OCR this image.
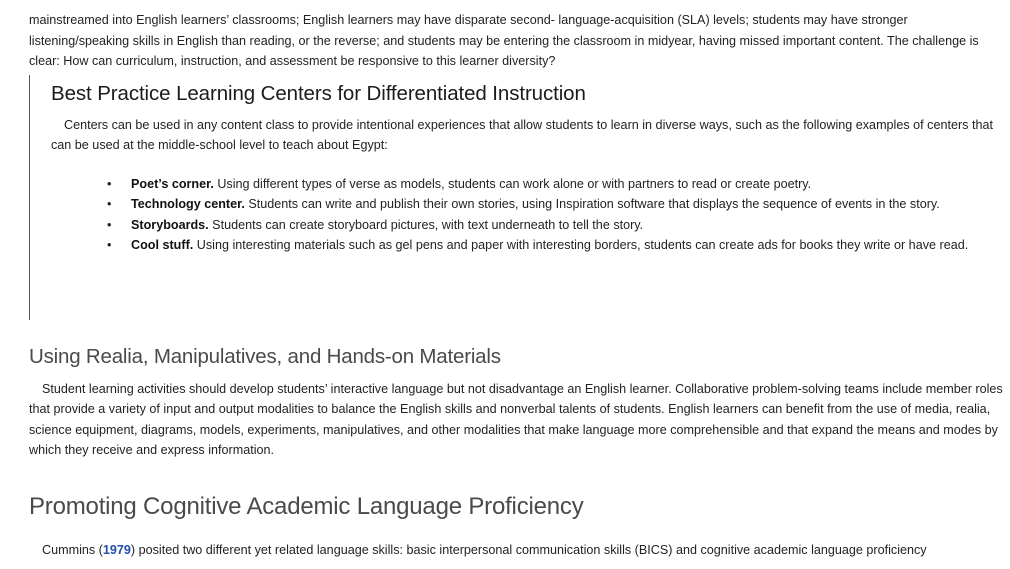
mainstreamed into English learners’ classrooms; English learners may have disparate second- language-acquisition (SLA) levels; students may have stronger listening/speaking skills in English than reading, or the reverse; and students may be entering the classroom in midyear, having missed important content. The challenge is clear: How can curriculum, instruction, and assessment be responsive to this learner diversity?

Best Practice Learning Centers for Differentiated Instruction

Centers can be used in any content class to provide intentional experiences that allow students to learn in diverse ways, such as the following examples of centers that can be used at the middle-school level to teach about Egypt:

• Poet’s corner. Using different types of verse as models, students can work alone or with partners to read or create poetry.
• Technology center. Students can write and publish their own stories, using Inspiration software that displays the sequence of events in the story.
• Storyboards. Students can create storyboard pictures, with text underneath to tell the story.
• Cool stuff. Using interesting materials such as gel pens and paper with interesting borders, students can create ads for books they write or have read.
Using Realia, Manipulatives, and Hands-on Materials

Student learning activities should develop students’ interactive language but not disadvantage an English learner. Collaborative problem-solving teams include member roles that provide a variety of input and output modalities to balance the English skills and nonverbal talents of students. English learners can benefit from the use of media, realia, science equipment, diagrams, models, experiments, manipulatives, and other modalities that make language more comprehensible and that expand the means and modes by which they receive and express information.

Promoting Cognitive Academic Language Proficiency

Cummins (1979) posited two different yet related language skills: basic interpersonal communication skills (BICS) and cognitive academic language proficiency
